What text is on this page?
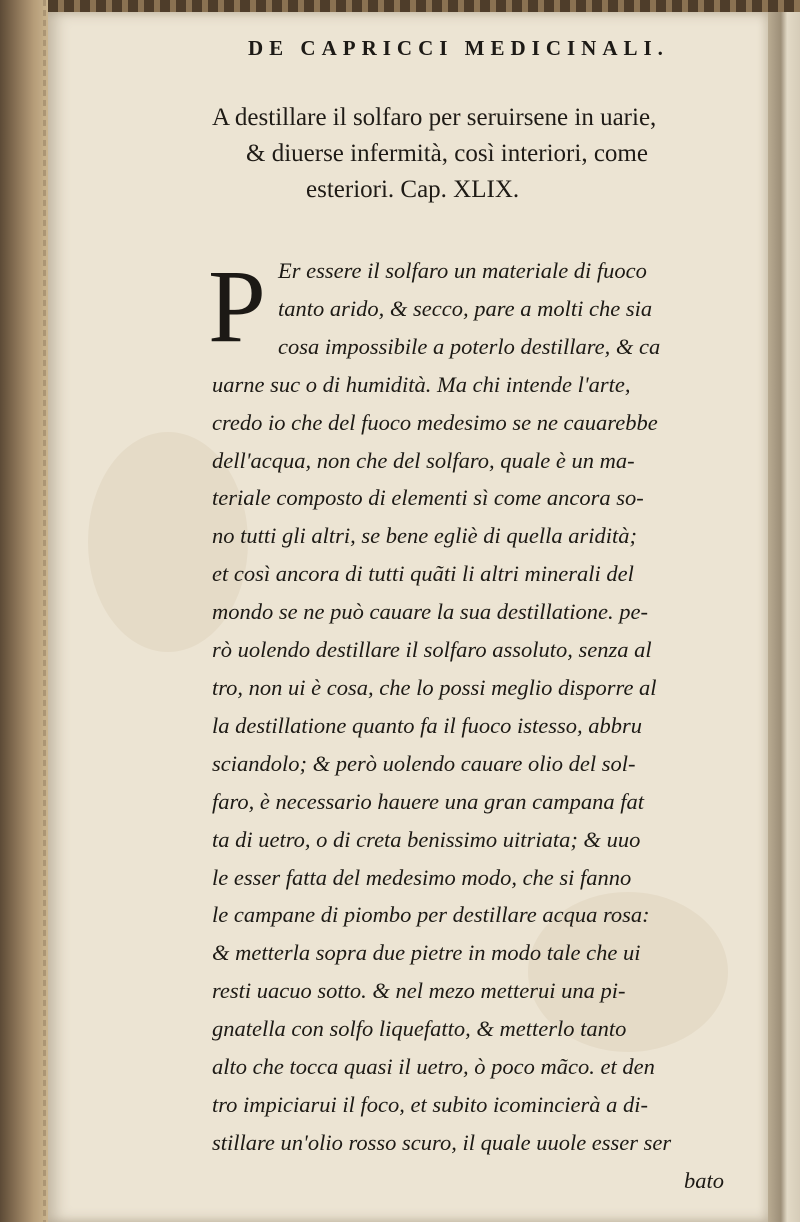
DE CAPRICCI MEDICINALI.
A destillare il solfaro per seruirsene in uarie,
& diuerse infermità, così interiori, come
esteriori. Cap. XLIX.
P Er essere il solfaro un materiale di fuoco
tanto arido, & secco, pare a molti che sia
cosa impossibile a poterlo destillare, & ca
uarne suc o di humidità. Ma chi intende l'arte,
credo io che del fuoco medesimo se ne cauarebbe
dell'acqua, non che del solfaro, quale è un ma-
teriale composto di elementi sì come ancora so-
no tutti gli altri, se bene egliè di quella aridità;
et così ancora di tutti quãti li altri minerali del
mondo se ne può cauare la sua destillatione. pe-
rò uolendo destillare il solfaro assoluto, senza al
tro, non ui è cosa, che lo possi meglio disporre al
la destillatione quanto fa il fuoco istesso, abbru
sciandolo; & però uolendo cauare olio del sol-
faro, è necessario hauere una gran campana fat
ta di uetro, o di creta benissimo uitriata; & uuo
le esser fatta del medesimo modo, che si fanno
le campane di piombo per destillare acqua rosa:
& metterla sopra due pietre in modo tale che ui
resti uacuo sotto. & nel mezo metterui una pi-
gnatella con solfo liquefatto, & metterlo tanto
alto che tocca quasi il uetro, ò poco mãco. et den
tro impiciarui il foco, et subito icomincierà a di-
stillare un'olio rosso scuro, il quale uuole esser ser
bato
